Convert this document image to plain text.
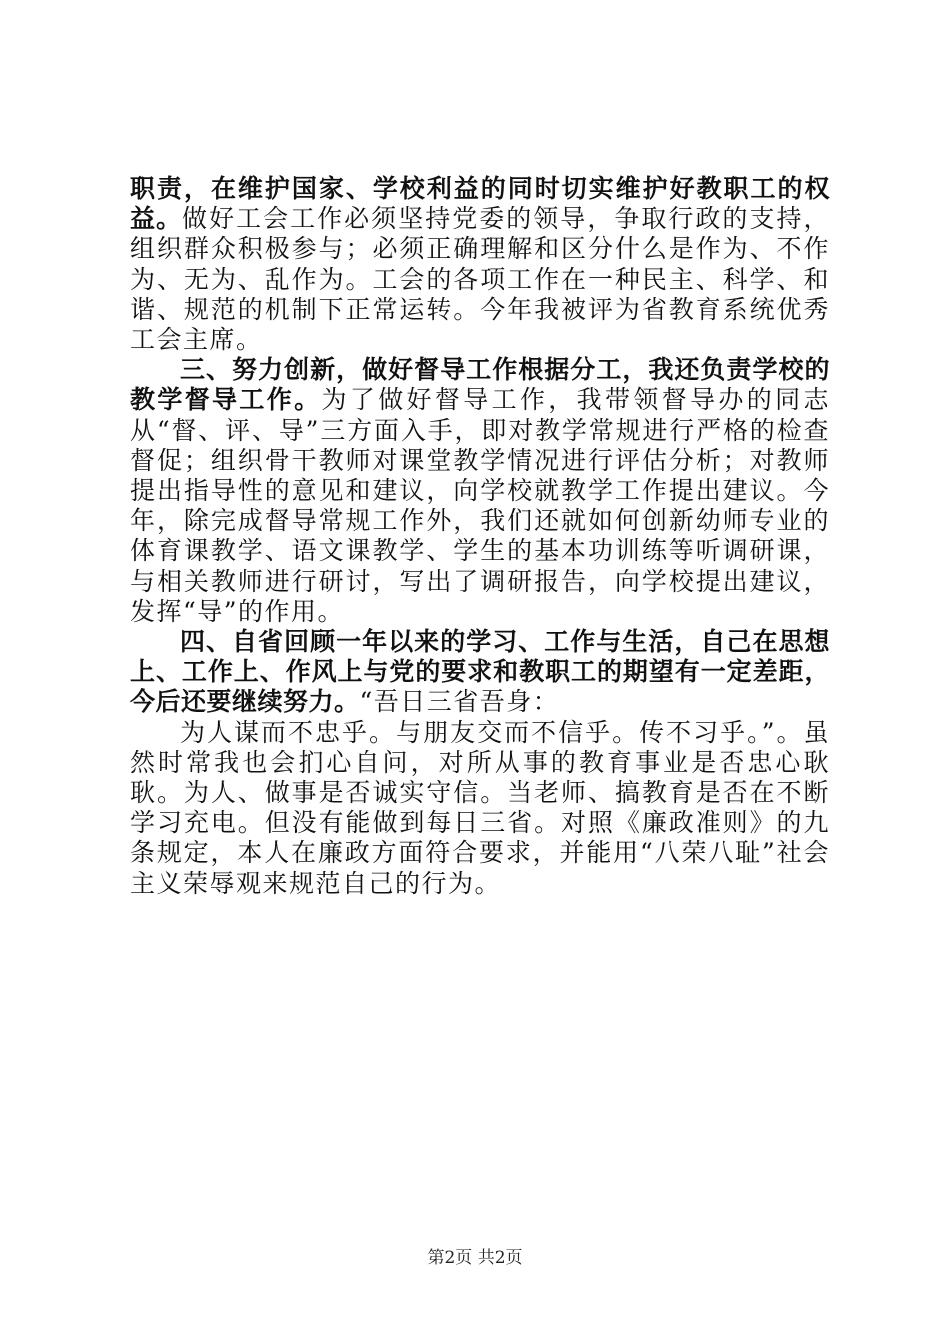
职责，在维护国家、学校利益的同时切实维护好教职工的权益。做好工会工作必须坚持党委的领导，争取行政的支持，组织群众积极参与；必须正确理解和区分什么是作为、不作为、无为、乱作为。工会的各项工作在一种民主、科学、和谐、规范的机制下正常运转。今年我被评为省教育系统优秀工会主席。

三、努力创新，做好督导工作根据分工，我还负责学校的教学督导工作。为了做好督导工作，我带领督导办的同志从“督、评、导”三方面入手，即对教学常规进行严格的检查督促；组织骨干教师对课堂教学情况进行评估分析；对教师提出指导性的意见和建议，向学校就教学工作提出建议。今年，除完成督导常规工作外，我们还就如何创新幼师专业的体育课教学、语文课教学、学生的基本功训练等听调研课，与相关教师进行研讨，写出了调研报告，向学校提出建议，发挥“导”的作用。

四、自省回顾一年以来的学习、工作与生活，自己在思想上、工作上、作风上与党的要求和教职工的期望有一定差距，今后还要继续努力。“吾日三省吾身：

为人谋而不忠乎。与朋友交而不信乎。传不习乎。”。虽然时常我也会扪心自问，对所从事的教育事业是否忠心耿耿。为人、做事是否诚实守信。当老师、搞教育是否在不断学习充电。但没有能做到每日三省。对照《廉政准则》的九条规定，本人在廉政方面符合要求，并能用“八荣八耻”社会主义荣辱观来规范自己的行为。

第2页 共2页
